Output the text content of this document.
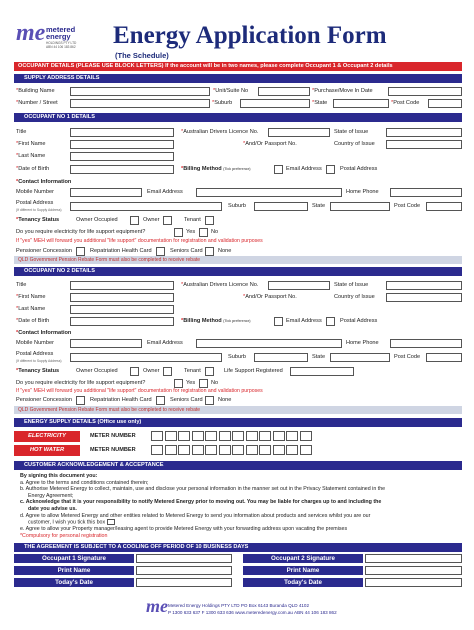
me metered
energy
HOLDINGS PTY LTD
ABN 44 106 183 862 Energy Application Form
(The Schedule)
OCCUPANT DETAILS (PLEASE USE BLOCK LETTERS) If the account will be in two names, please complete Occupant 1 & Occupant 2 details
SUPPLY ADDRESS DETAILS
*Building Name	*Unit/Suite No	*Purchase/Move In Date
*Number / Street	*Suburb	*State	*Post Code
OCCUPANT NO 1 DETAILS
Title	*Australian Drivers Licence No.	State of Issue
*First Name	*And/Or Passport No.	Country of Issue
*Last Name
*Date of Birth	*Billing Method (Tick preference)	Email Address	Postal Address
*Contact Information
Mobile Number	Email Address	Home Phone
Postal Address
(If different to Supply Address)
Suburb	State	Post Code
*Tenancy Status	Owner Occupied	Owner	Tenant
Do you require electricity for life support equipment?	Yes	No
If "yes" MEH will forward you additional "life support" documentation for registration and validation purposes
Pensioner Concession	Repatriation Health Card	Seniors Card	None
QLD Government Pension Rebate Form must also be completed to receive rebate
OCCUPANT NO 2 DETAILS
Title	*Australian Drivers Licence No.	State of Issue
*First Name	*And/Or Passport No.	Country of Issue
*Last Name
*Date of Birth	*Billing Method (Tick preference)	Email Address	Postal Address
*Contact Information
Mobile Number	Email Address	Home Phone
Postal Address
(If different to Supply Address)
Suburb	State	Post Code
*Tenancy Status	Owner Occupied	Owner	Tenant	Life Support Registered
Do you require electricity for life support equipment?	Yes	No
If "yes" MEH will forward you additional "life support" documentation for registration and validation purposes
Pensioner Concession	Repatriation Health Card	Seniors Card	None
QLD Government Pension Rebate Form must also be completed to receive rebate
ENERGY SUPPLY DETAILS (Office use only)
ELECTRICITY	METER NUMBER
HOT WATER	METER NUMBER
CUSTOMER ACKNOWLEDGEMENT & ACCEPTANCE

By signing this document you:

a. Agree to the terms and conditions contained therein;

b. Authorise Metered Energy to collect, maintain, use and disclose your personal information in the manner set out in the Privacy Statement contained in the

Energy Agreement;

c. Acknowledge that it is your responsibility to notify Metered Energy prior to moving out. You may be liable for charges up to and including the

date you advise us.

d. Agree to allow Metered Energy and other entities related to Metered Energy to send you information about products and services whilst you are our

customer, I wish you tick this box

e. Agree to allow your Property manager/leasing agent to provide Metered Energy with your forwarding address upon vacating the premises

*Compulsory for personal registration

THE AGREEMENT IS SUBJECT TO A COOLING OFF PERIOD OF 10 BUSINESS DAYS
Occupant 1 Signature	Occupant 2 Signature
Print Name	Print Name
Today's Date	Today's Date
me Metered Energy Holdings PTY LTD PO Box 6143 Buranda QLD 4102
P 1300 633 637 F 1300 633 636 www.meteredenergy.com.au ABN 44 106 183 862
